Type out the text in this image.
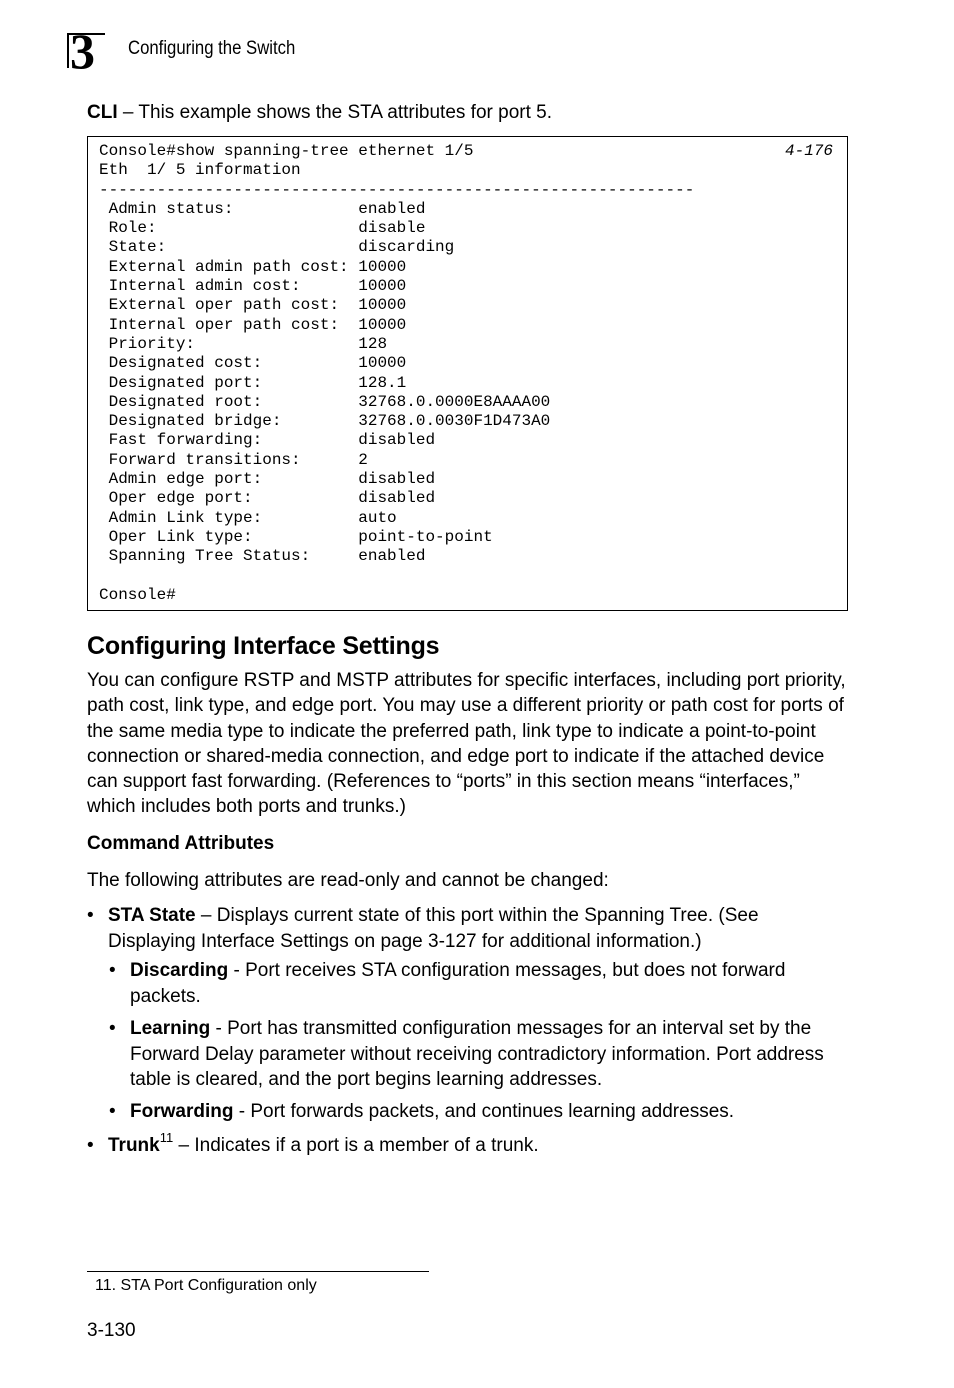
3 Configuring the Switch
CLI – This example shows the STA attributes for port 5.
Console#show spanning-tree ethernet 1/5
Eth  1/ 5 information
--------------------------------------------------------------
Admin status:             enabled
Role:                     disable
State:                    discarding
External admin path cost: 10000
Internal admin cost:      10000
External oper path cost:  10000
Internal oper path cost:  10000
Priority:                 128
Designated cost:          10000
Designated port:          128.1
Designated root:          32768.0.0000E8AAAA00
Designated bridge:        32768.0.0030F1D473A0
Fast forwarding:          disabled
Forward transitions:      2
Admin edge port:          disabled
Oper edge port:           disabled
Admin Link type:          auto
Oper Link type:           point-to-point
Spanning Tree Status:     enabled

Console#
4-176
Configuring Interface Settings

You can configure RSTP and MSTP attributes for specific interfaces, including port priority, path cost, link type, and edge port. You may use a different priority or path cost for ports of the same media type to indicate the preferred path, link type to indicate a point-to-point connection or shared-media connection, and edge port to indicate if the attached device can support fast forwarding. (References to “ports” in this section means “interfaces,” which includes both ports and trunks.)

Command Attributes

The following attributes are read-only and cannot be changed:

• STA State – Displays current state of this port within the Spanning Tree. (See Displaying Interface Settings on page 3-127 for additional information.)

• Discarding - Port receives STA configuration messages, but does not forward packets.

• Learning - Port has transmitted configuration messages for an interval set by the Forward Delay parameter without receiving contradictory information. Port address table is cleared, and the port begins learning addresses.

• Forwarding - Port forwards packets, and continues learning addresses.

• Trunk$^{11}$ – Indicates if a port is a member of a trunk.

11. STA Port Configuration only
3-130
